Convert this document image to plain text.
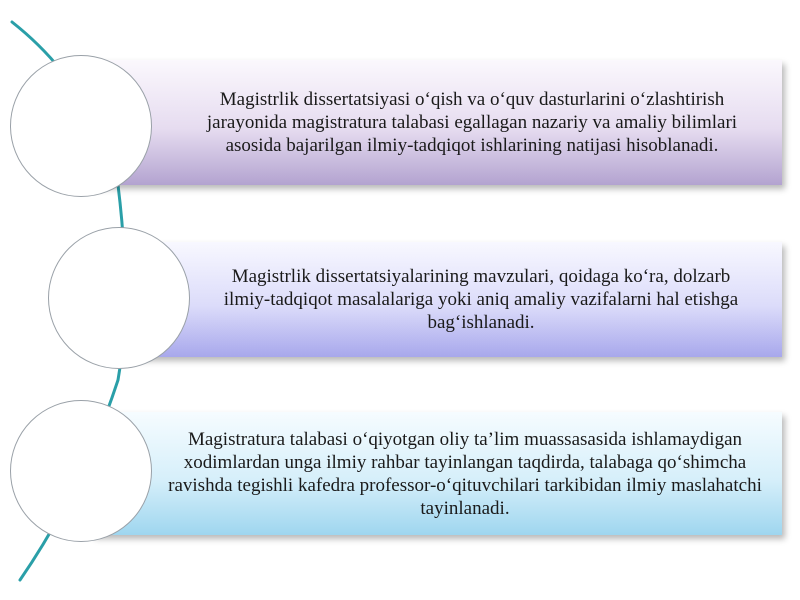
Magistrlik dissertatsiyasi o‘qish va o‘quv dasturlarini o‘zlashtirish jarayonida magistratura talabasi egallagan nazariy va amaliy bilimlari asosida bajarilgan ilmiy-tadqiqot ishlarining natijasi hisoblanadi.
Magistrlik dissertatsiyalarining mavzulari, qoidaga ko‘ra, dolzarb ilmiy-tadqiqot masalalariga yoki aniq amaliy vazifalarni hal etishga bag‘ishlanadi.
Magistratura talabasi o‘qiyotgan oliy ta’lim muassasasida ishlamaydigan xodimlardan unga ilmiy rahbar tayinlangan taqdirda, talabaga qo‘shimcha ravishda tegishli kafedra professor-o‘qituvchilari tarkibidan ilmiy maslahatchi tayinlanadi.
